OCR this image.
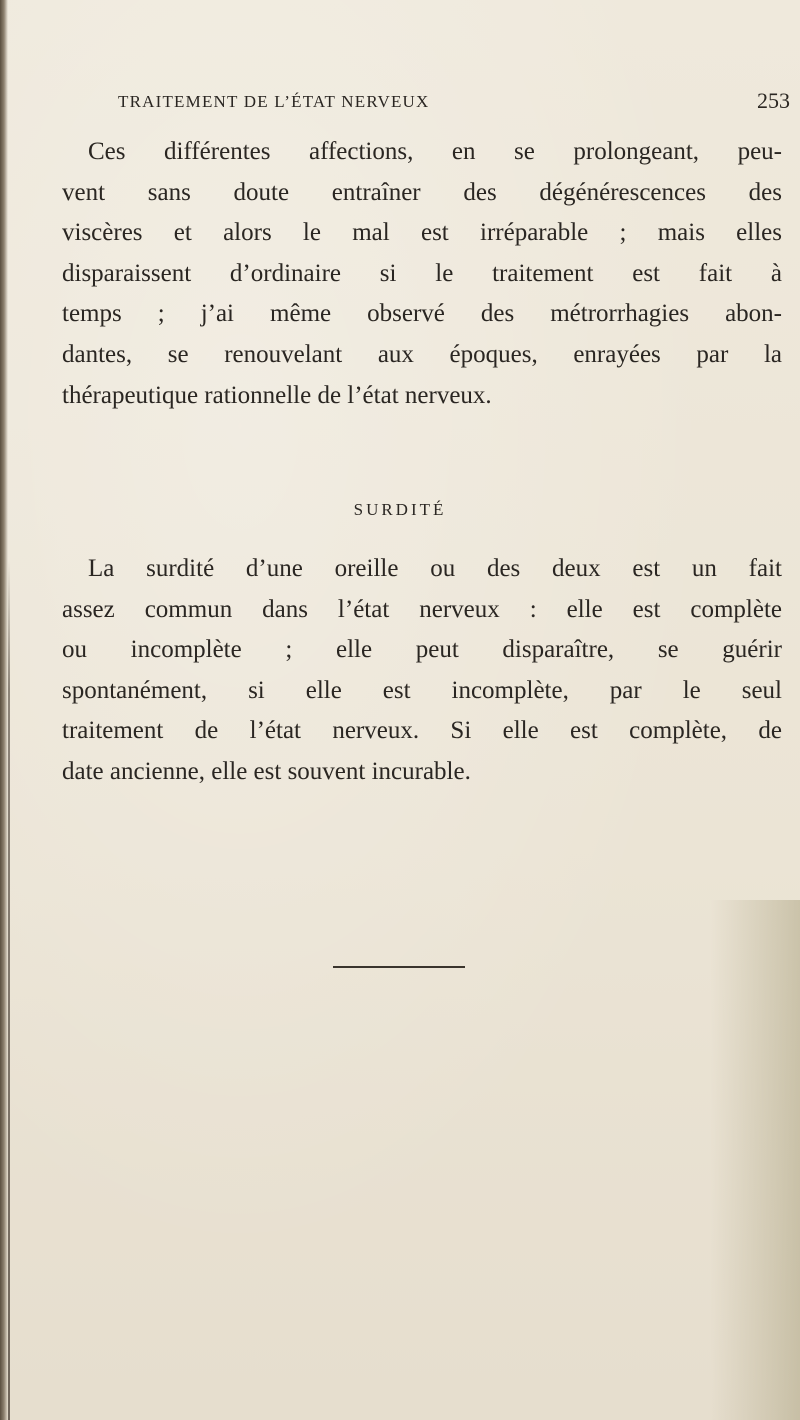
TRAITEMENT DE L’ÉTAT NERVEUX	253
Ces différentes affections, en se prolongeant, peu-
vent sans doute entraîner des dégénérescences des
viscères et alors le mal est irréparable ; mais elles
disparaissent d’ordinaire si le traitement est fait à
temps ; j’ai même observé des métrorrhagies abon-
dantes, se renouvelant aux époques, enrayées par la
thérapeutique rationnelle de l’état nerveux.
SURDITÉ
La surdité d’une oreille ou des deux est un fait
assez commun dans l’état nerveux : elle est complète
ou incomplète ; elle peut disparaître, se guérir
spontanément, si elle est incomplète, par le seul
traitement de l’état nerveux. Si elle est complète, de
date ancienne, elle est souvent incurable.
